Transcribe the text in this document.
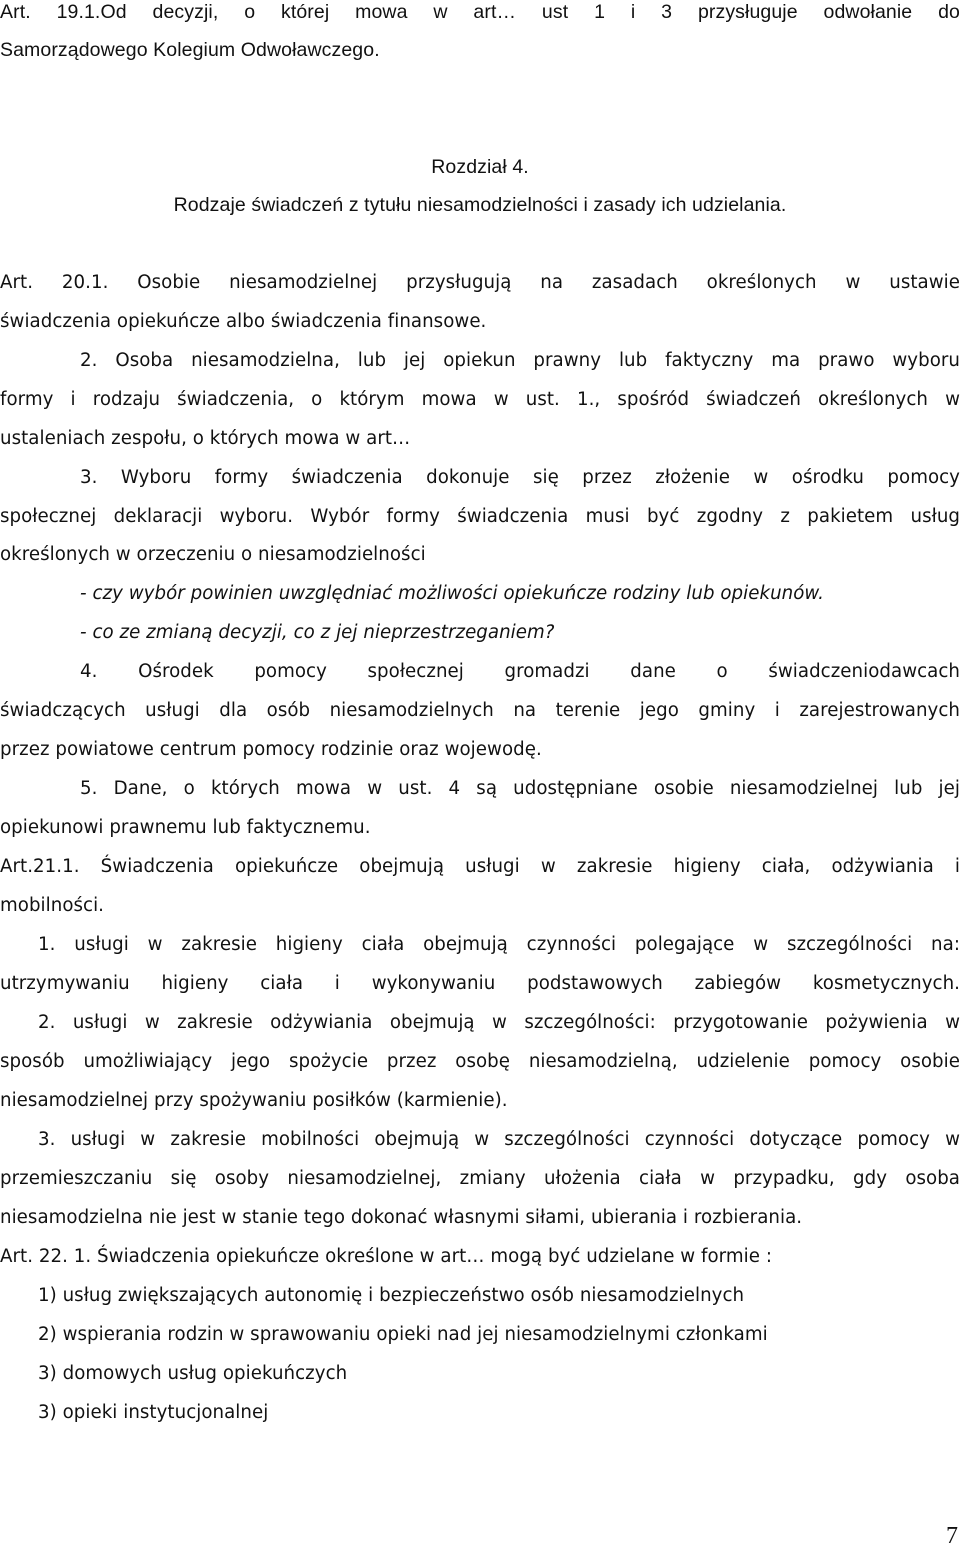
Art. 19.1.Od decyzji, o której mowa w art… ust 1 i 3 przysługuje odwołanie do
Samorządowego Kolegium Odwoławczego.
Rozdział 4.
Rodzaje świadczeń z tytułu niesamodzielności i zasady ich udzielania.
Art. 20.1. Osobie niesamodzielnej przysługują na zasadach określonych w ustawie
świadczenia opiekuńcze albo świadczenia finansowe.
2. Osoba niesamodzielna, lub jej opiekun prawny lub faktyczny ma prawo wyboru
formy i rodzaju świadczenia, o którym mowa w ust. 1., spośród świadczeń określonych w
ustaleniach zespołu, o których mowa w art…
3. Wyboru formy świadczenia dokonuje się przez złożenie w ośrodku pomocy
społecznej deklaracji wyboru. Wybór formy świadczenia musi być zgodny z pakietem usług
określonych w orzeczeniu o niesamodzielności
- czy wybór powinien uwzględniać możliwości opiekuńcze rodziny lub opiekunów.
- co ze zmianą decyzji, co z jej nieprzestrzeganiem?
4. Ośrodek pomocy społecznej gromadzi dane o świadczeniodawcach
świadczących usługi dla osób niesamodzielnych na terenie jego gminy i zarejestrowanych
przez powiatowe centrum pomocy rodzinie oraz wojewodę.
5. Dane, o których mowa w ust. 4 są udostępniane osobie niesamodzielnej lub jej
opiekunowi prawnemu lub faktycznemu.
Art.21.1. Świadczenia opiekuńcze obejmują usługi w zakresie higieny ciała, odżywiania i
mobilności.
1. usługi w zakresie higieny ciała obejmują czynności polegające w szczególności na:
utrzymywaniu higieny ciała i wykonywaniu podstawowych zabiegów kosmetycznych.
2. usługi w zakresie odżywiania obejmują w szczególności: przygotowanie pożywienia w
sposób umożliwiający jego spożycie przez osobę niesamodzielną, udzielenie pomocy osobie
niesamodzielnej przy spożywaniu posiłków (karmienie).
3. usługi w zakresie mobilności obejmują w szczególności czynności dotyczące pomocy w
przemieszczaniu się osoby niesamodzielnej, zmiany ułożenia ciała w przypadku, gdy osoba
niesamodzielna nie jest w stanie tego dokonać własnymi siłami, ubierania i rozbierania.
Art. 22. 1. Świadczenia opiekuńcze określone w art… mogą być udzielane w formie :
1) usług zwiększających autonomię i bezpieczeństwo osób niesamodzielnych
2) wspierania rodzin w sprawowaniu opieki nad jej niesamodzielnymi członkami
3) domowych usług opiekuńczych
3) opieki instytucjonalnej
7
